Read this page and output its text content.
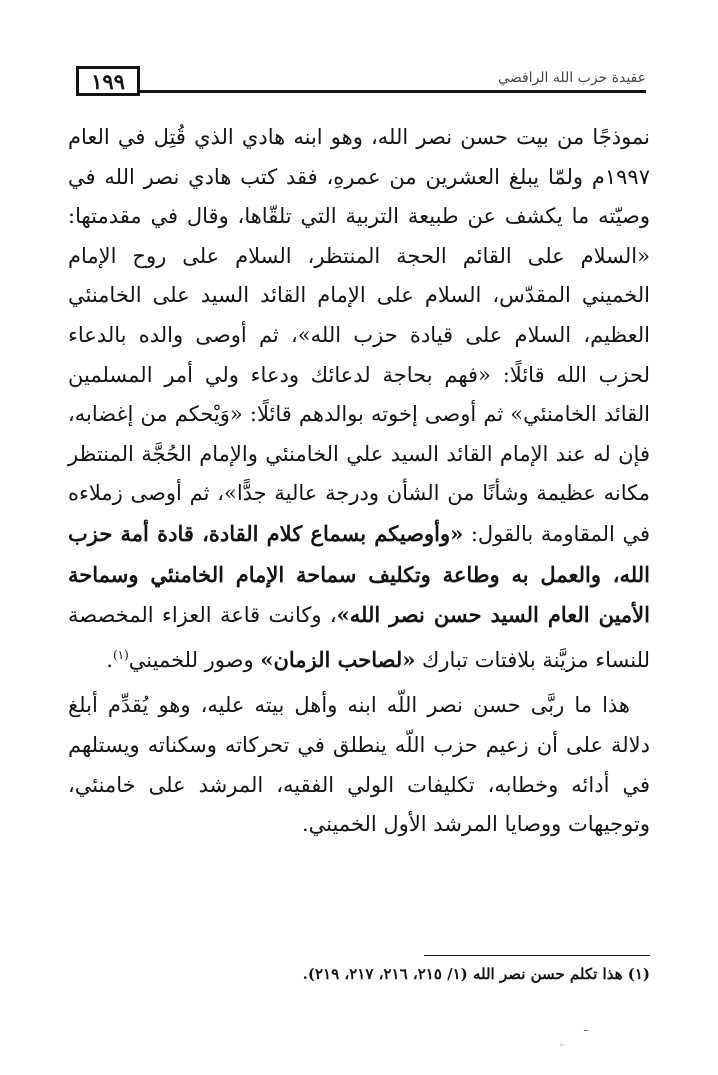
١٩٩	عقيدة حزب الله الرافضي

نموذجًا من بيت حسن نصر الله، وهو ابنه هادي الذي قُتِل في العام ١٩٩٧م ولمّا يبلغ العشرين من عمرهِ، فقد كتب هادي نصر الله في وصيّته ما يكشف عن طبيعة التربية التي تلقّاها، وقال في مقدمتها: «السلام على القائم الحجة المنتظر، السلام على روح الإمام الخميني المقدّس، السلام على الإمام القائد السيد على الخامنئي العظيم، السلام على قيادة حزب الله»، ثم أوصى والده بالدعاء لحزب الله قائلًا: «فهم بحاجة لدعائك ودعاء ولي أمر المسلمين القائد الخامنئي» ثم أوصى إخوته بوالدهم قائلًا: «وَيْحكم من إغضابه، فإن له عند الإمام القائد السيد علي الخامنئي والإمام الحُجَّة المنتظر مكانه عظيمة وشأنًا من الشأن ودرجة عالية جدًّا»، ثم أوصى زملاءه في المقاومة بالقول: «وأوصيكم بسماع كلام القادة، قادة أمة حزب الله، والعمل به وطاعة وتكليف سماحة الإمام الخامنئي وسماحة الأمين العام السيد حسن نصر الله»، وكانت قاعة العزاء المخصصة للنساء مزيَّنة بلافتات تبارك «لصاحب الزمان» وصور للخميني$^{(١)}$.

هذا ما ربَّى حسن نصر اللّه ابنه وأهل بيته عليه، وهو يُقدِّم أبلغ دلالة على أن زعيم حزب اللّه ينطلق في تحركاته وسكناته ويستلهم في أدائه وخطابه، تكليفات الولي الفقيه، المرشد على خامنئي، وتوجيهات ووصايا المرشد الأول الخميني.

(١) هذا تكلم حسن نصر الله (١/ ٢١٥، ٢١٦، ٢١٧، ٢١٩).
ـ
-
